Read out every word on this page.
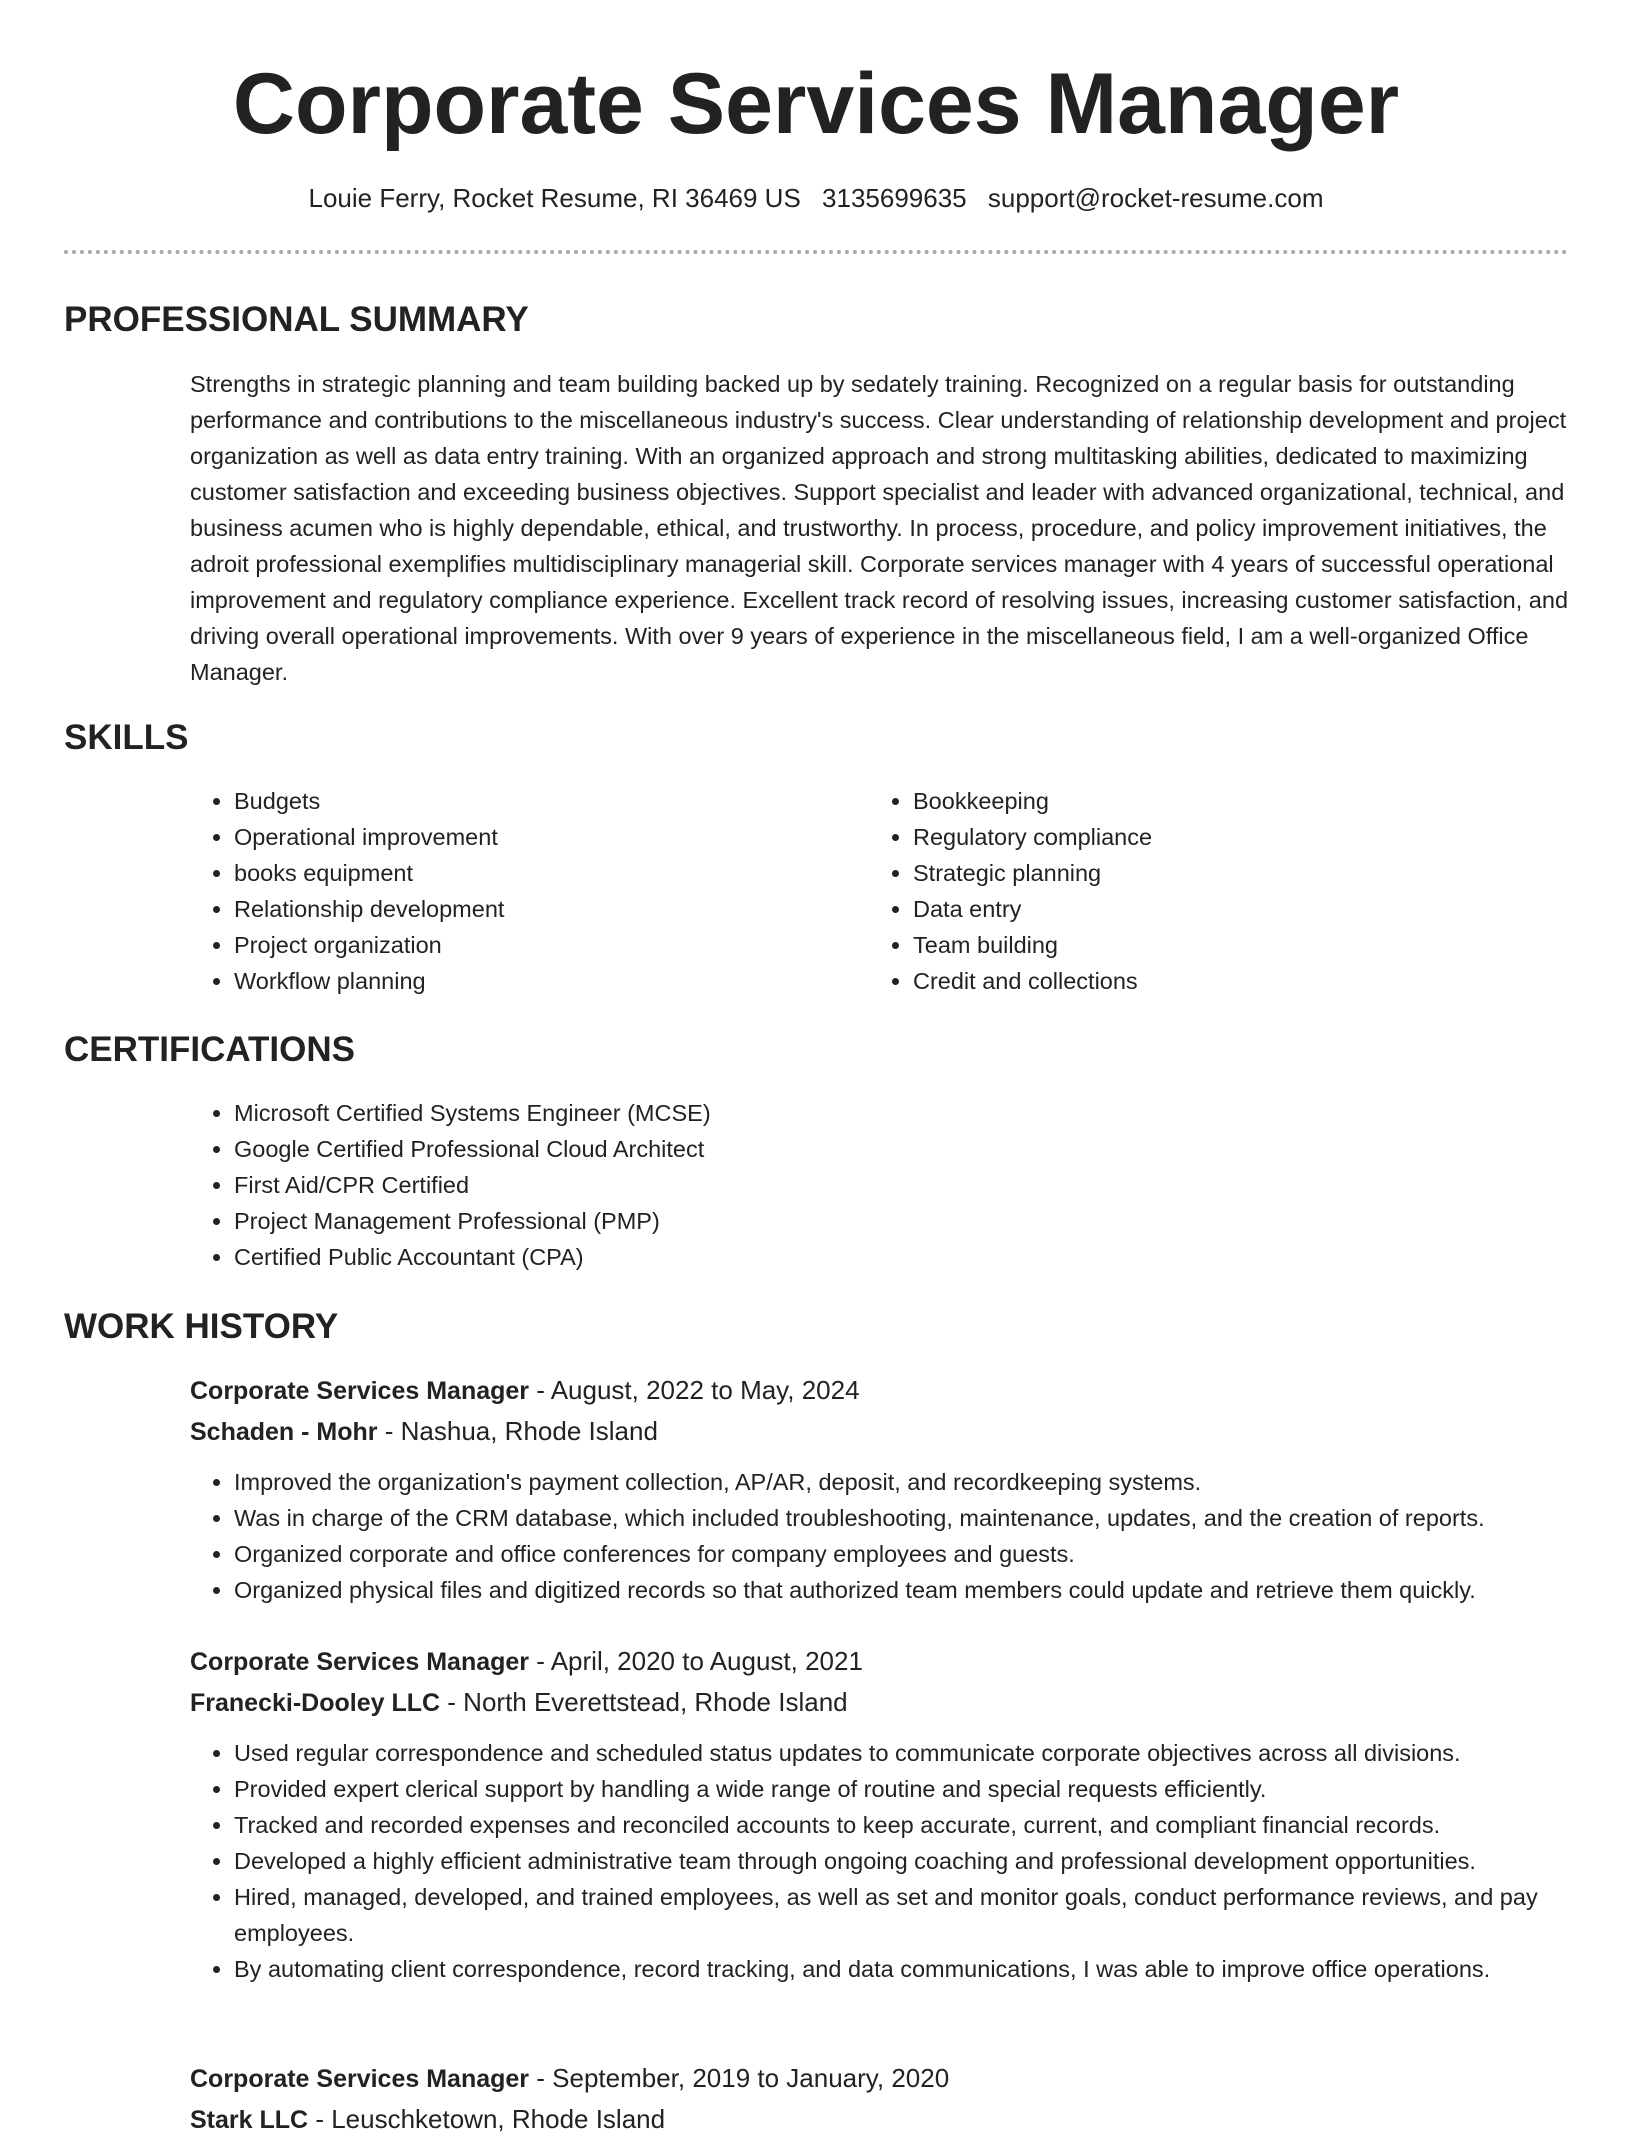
Corporate Services Manager
Louie Ferry, Rocket Resume, RI 36469 US 3135699635 support@rocket-resume.com
PROFESSIONAL SUMMARY

Strengths in strategic planning and team building backed up by sedately training. Recognized on a regular basis for outstanding performance and contributions to the miscellaneous industry's success. Clear understanding of relationship development and project organization as well as data entry training. With an organized approach and strong multitasking abilities, dedicated to maximizing customer satisfaction and exceeding business objectives. Support specialist and leader with advanced organizational, technical, and business acumen who is highly dependable, ethical, and trustworthy. In process, procedure, and policy improvement initiatives, the adroit professional exemplifies multidisciplinary managerial skill. Corporate services manager with 4 years of successful operational improvement and regulatory compliance experience. Excellent track record of resolving issues, increasing customer satisfaction, and driving overall operational improvements. With over 9 years of experience in the miscellaneous field, I am a well-organized Office Manager.

SKILLS
• Budgets
• Operational improvement
• books equipment
• Relationship development
• Project organization
• Workflow planning
• Bookkeeping
• Regulatory compliance
• Strategic planning
• Data entry
• Team building
• Credit and collections
CERTIFICATIONS
• Microsoft Certified Systems Engineer (MCSE)
• Google Certified Professional Cloud Architect
• First Aid/CPR Certified
• Project Management Professional (PMP)
• Certified Public Accountant (CPA)
WORK HISTORY
Corporate Services Manager - August, 2022 to May, 2024
Schaden - Mohr - Nashua, Rhode Island
• Improved the organization's payment collection, AP/AR, deposit, and recordkeeping systems.
• Was in charge of the CRM database, which included troubleshooting, maintenance, updates, and the creation of reports.
• Organized corporate and office conferences for company employees and guests.
• Organized physical files and digitized records so that authorized team members could update and retrieve them quickly.
Corporate Services Manager - April, 2020 to August, 2021
Franecki-Dooley LLC - North Everettstead, Rhode Island
• Used regular correspondence and scheduled status updates to communicate corporate objectives across all divisions.
• Provided expert clerical support by handling a wide range of routine and special requests efficiently.
• Tracked and recorded expenses and reconciled accounts to keep accurate, current, and compliant financial records.
• Developed a highly efficient administrative team through ongoing coaching and professional development opportunities.
• Hired, managed, developed, and trained employees, as well as set and monitor goals, conduct performance reviews, and pay employees.
• By automating client correspondence, record tracking, and data communications, I was able to improve office operations.
Corporate Services Manager - September, 2019 to January, 2020
Stark LLC - Leuschketown, Rhode Island
